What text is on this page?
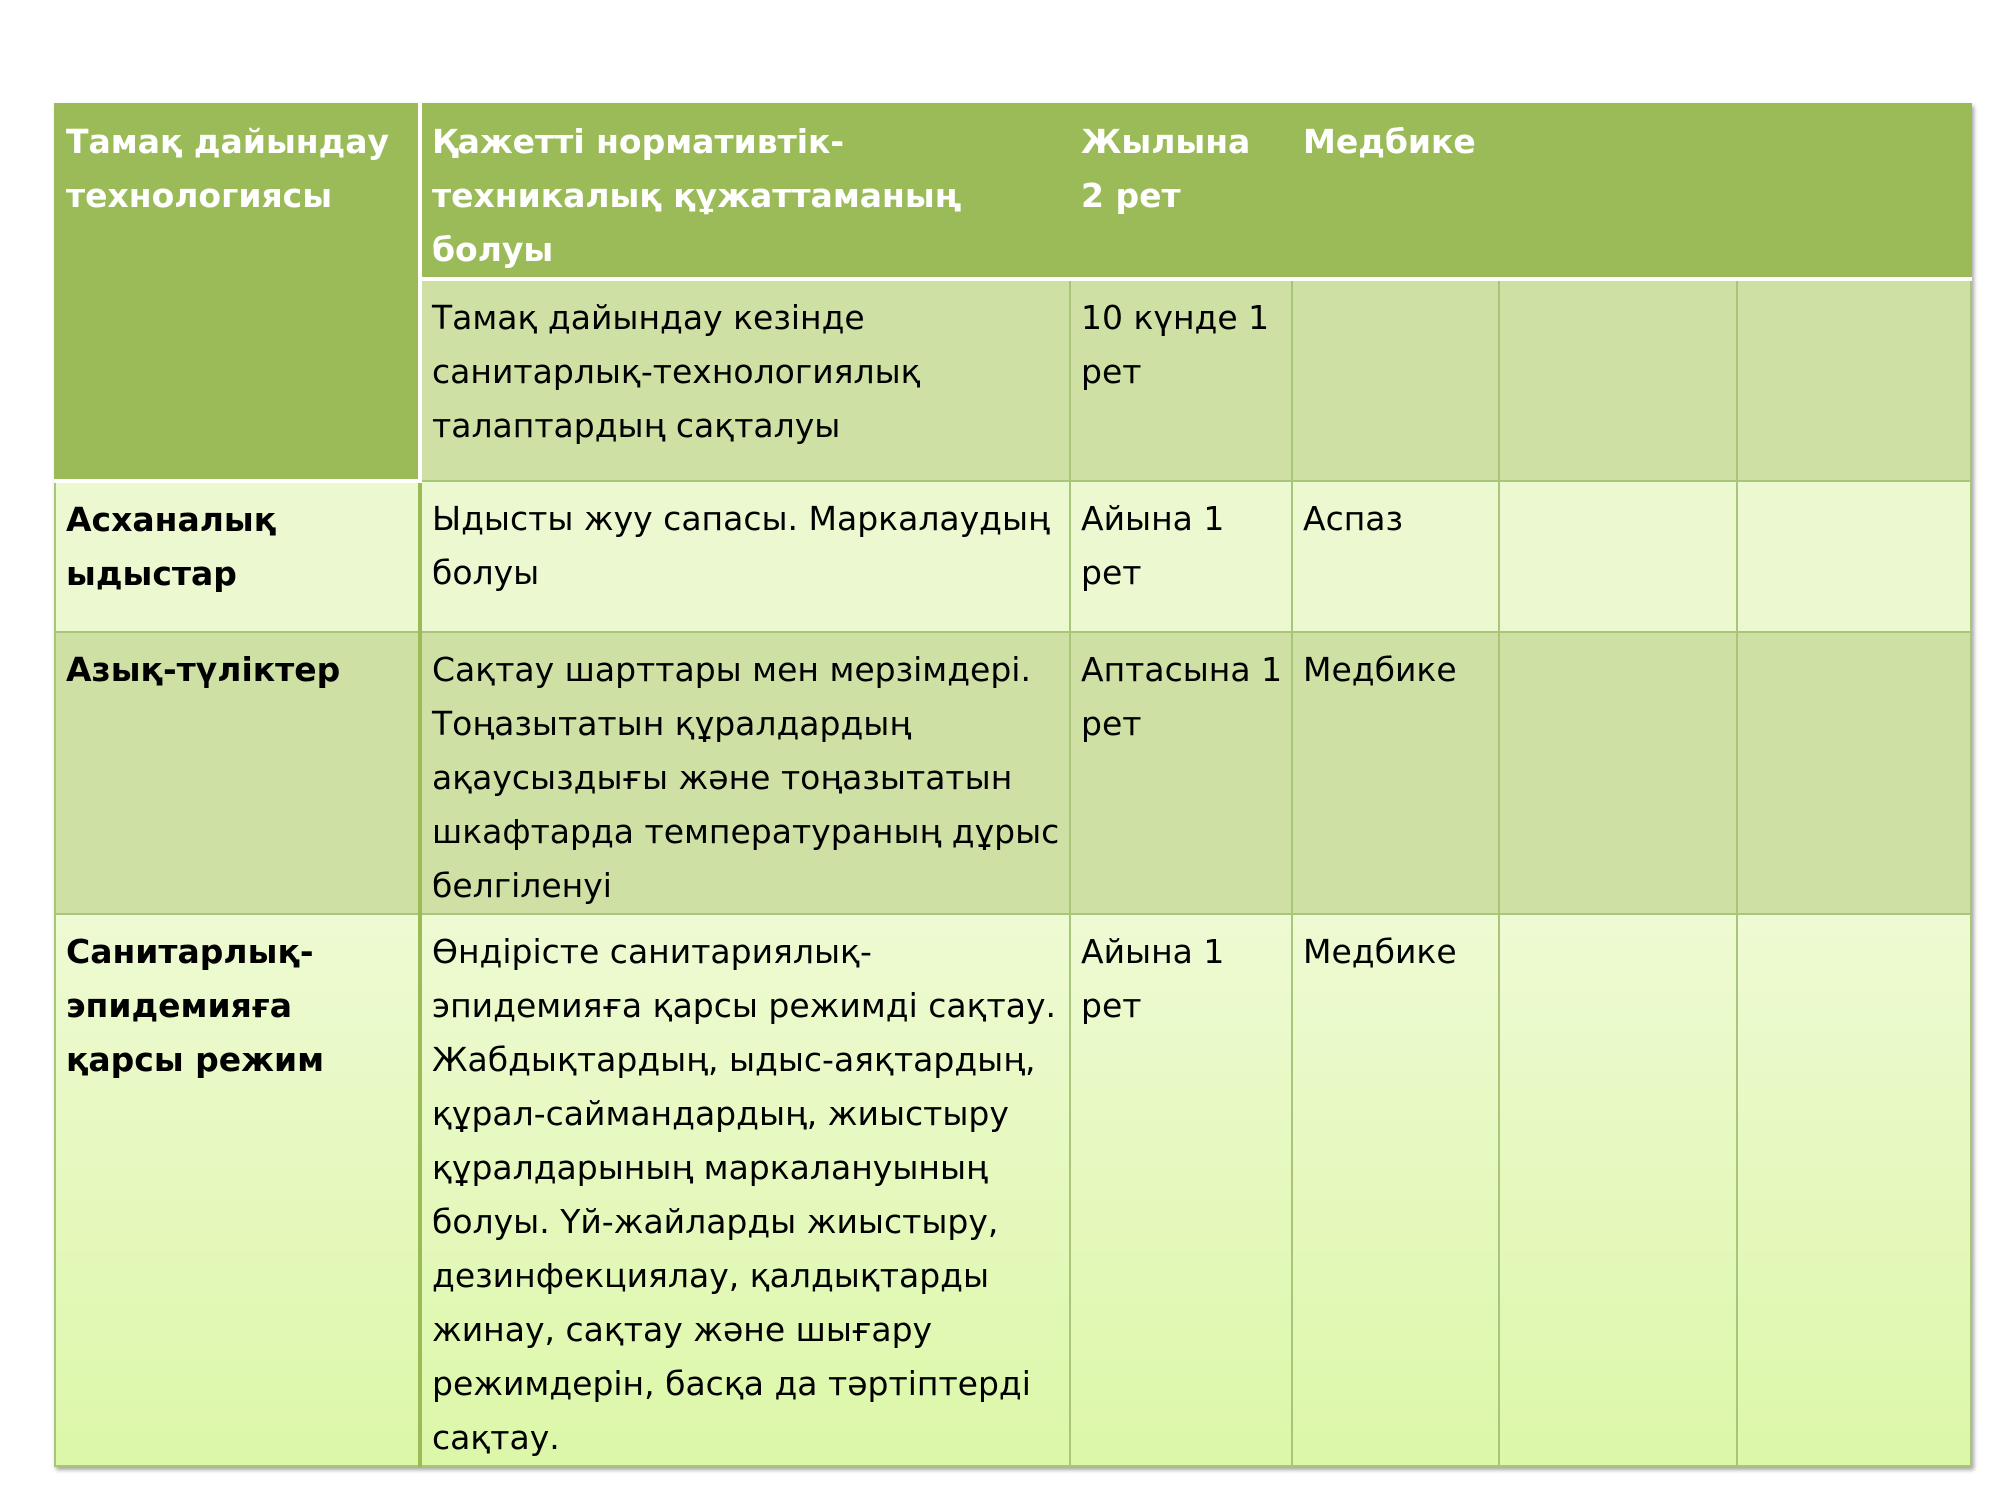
Тамақ дайындау технологиясы	Қажетті нормативтік-техникалық құжаттаманың болуы	Жылына 2 рет	Медбике		
	Тамақ дайындау кезінде санитарлық-технологиялық талаптардың сақталуы	10 күнде 1 рет			
Асханалық ыдыстар	Ыдысты жуу сапасы. Маркалаудың болуы	Айына 1 рет	Аспаз		
Азық-түліктер	Сақтау шарттары мен мерзімдері. Тоңазытатын құралдардың ақаусыздығы және тоңазытатын шкафтарда температураның дұрыс белгіленуі	Аптасына 1 рет	Медбике		
Санитарлық-эпидемияға қарсы режим	Өндірісте санитариялық-эпидемияға қарсы режимді сақтау. Жабдықтардың, ыдыс-аяқтардың, құрал-саймандардың, жиыстыру құралдарының маркалануының болуы. Үй-жайларды жиыстыру, дезинфекциялау, қалдықтарды жинау, сақтау және шығару режимдерін, басқа да тәртіптерді сақтау.	Айына 1 рет	Медбике		
